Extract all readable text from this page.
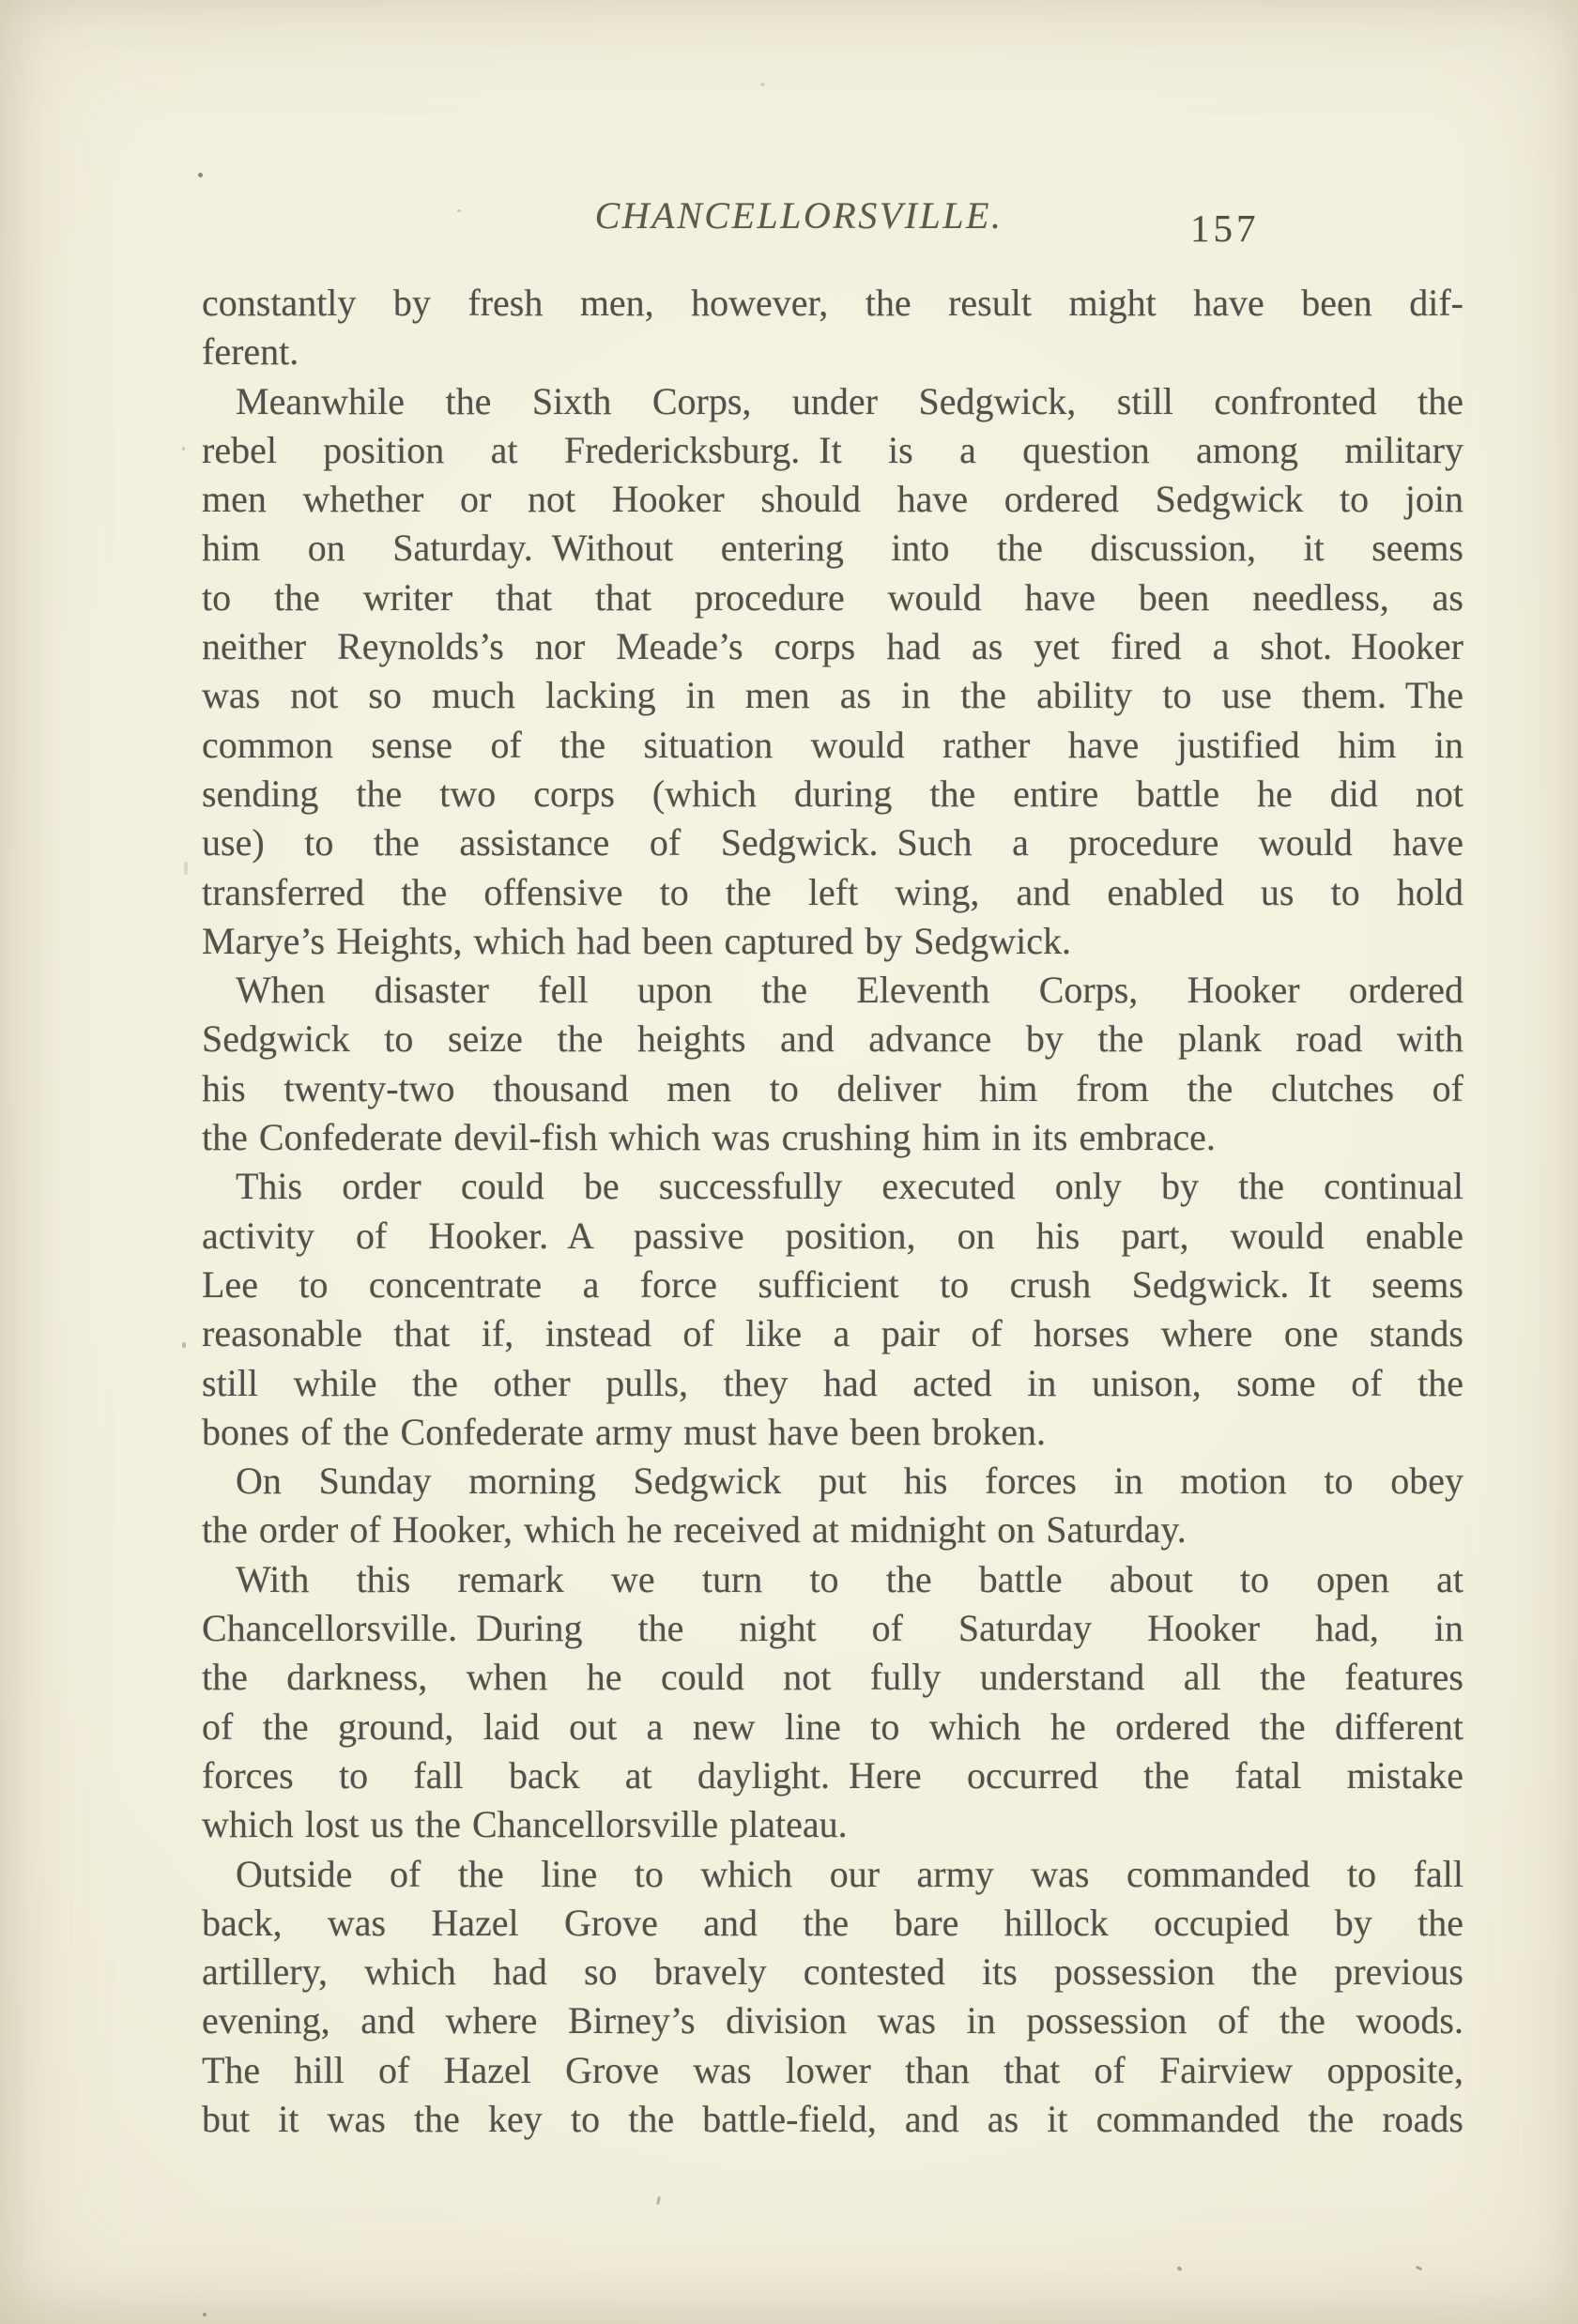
CHANCELLORSVILLE.	157
constantly by fresh men, however, the result might have been dif-
ferent.
Meanwhile the Sixth Corps, under Sedgwick, still confronted the
rebel position at Fredericksburg. It is a question among military
men whether or not Hooker should have ordered Sedgwick to join
him on Saturday. Without entering into the discussion, it seems
to the writer that that procedure would have been needless, as
neither Reynolds’s nor Meade’s corps had as yet fired a shot. Hooker
was not so much lacking in men as in the ability to use them. The
common sense of the situation would rather have justified him in
sending the two corps (which during the entire battle he did not
use) to the assistance of Sedgwick. Such a procedure would have
transferred the offensive to the left wing, and enabled us to hold
Marye’s Heights, which had been captured by Sedgwick.
When disaster fell upon the Eleventh Corps, Hooker ordered
Sedgwick to seize the heights and advance by the plank road with
his twenty-two thousand men to deliver him from the clutches of
the Confederate devil-fish which was crushing him in its embrace.
This order could be successfully executed only by the continual
activity of Hooker. A passive position, on his part, would enable
Lee to concentrate a force sufficient to crush Sedgwick. It seems
reasonable that if, instead of like a pair of horses where one stands
still while the other pulls, they had acted in unison, some of the
bones of the Confederate army must have been broken.
On Sunday morning Sedgwick put his forces in motion to obey
the order of Hooker, which he received at midnight on Saturday.
With this remark we turn to the battle about to open at
Chancellorsville. During the night of Saturday Hooker had, in
the darkness, when he could not fully understand all the features
of the ground, laid out a new line to which he ordered the different
forces to fall back at daylight. Here occurred the fatal mistake
which lost us the Chancellorsville plateau.
Outside of the line to which our army was commanded to fall
back, was Hazel Grove and the bare hillock occupied by the
artillery, which had so bravely contested its possession the previous
evening, and where Birney’s division was in possession of the woods.
The hill of Hazel Grove was lower than that of Fairview opposite,
but it was the key to the battle-field, and as it commanded the roads
